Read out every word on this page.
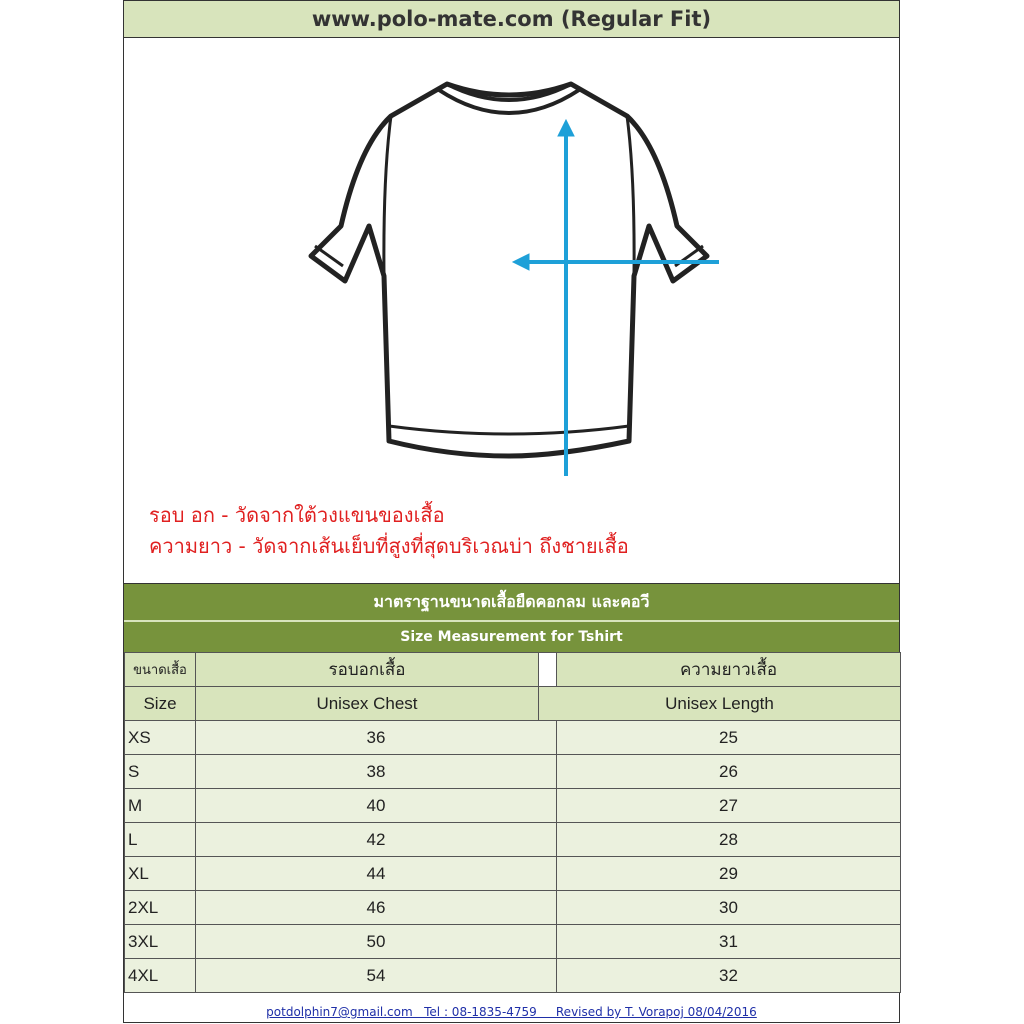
www.polo-mate.com (Regular Fit)
รอบ อก - วัดจากใต้วงแขนของเสื้อ
ความยาว - วัดจากเส้นเย็บที่สูงที่สุดบริเวณบ่า ถึงชายเสื้อ
มาตราฐานขนาดเสื้อยืดคอกลม และคอวี
Size Measurement for Tshirt
ขนาดเสื้อ	รอบอกเสื้อ		ความยาวเสื้อ
Size	Unisex Chest	Unisex Length	
XS	36		25
S	38		26
M	40		27
L	42		28
XL	44		29
2XL	46		30
3XL	50		31
4XL	54		32
potdolphin7@gmail.com   Tel : 08-1835-4759     Revised by T. Vorapoj 08/04/2016
